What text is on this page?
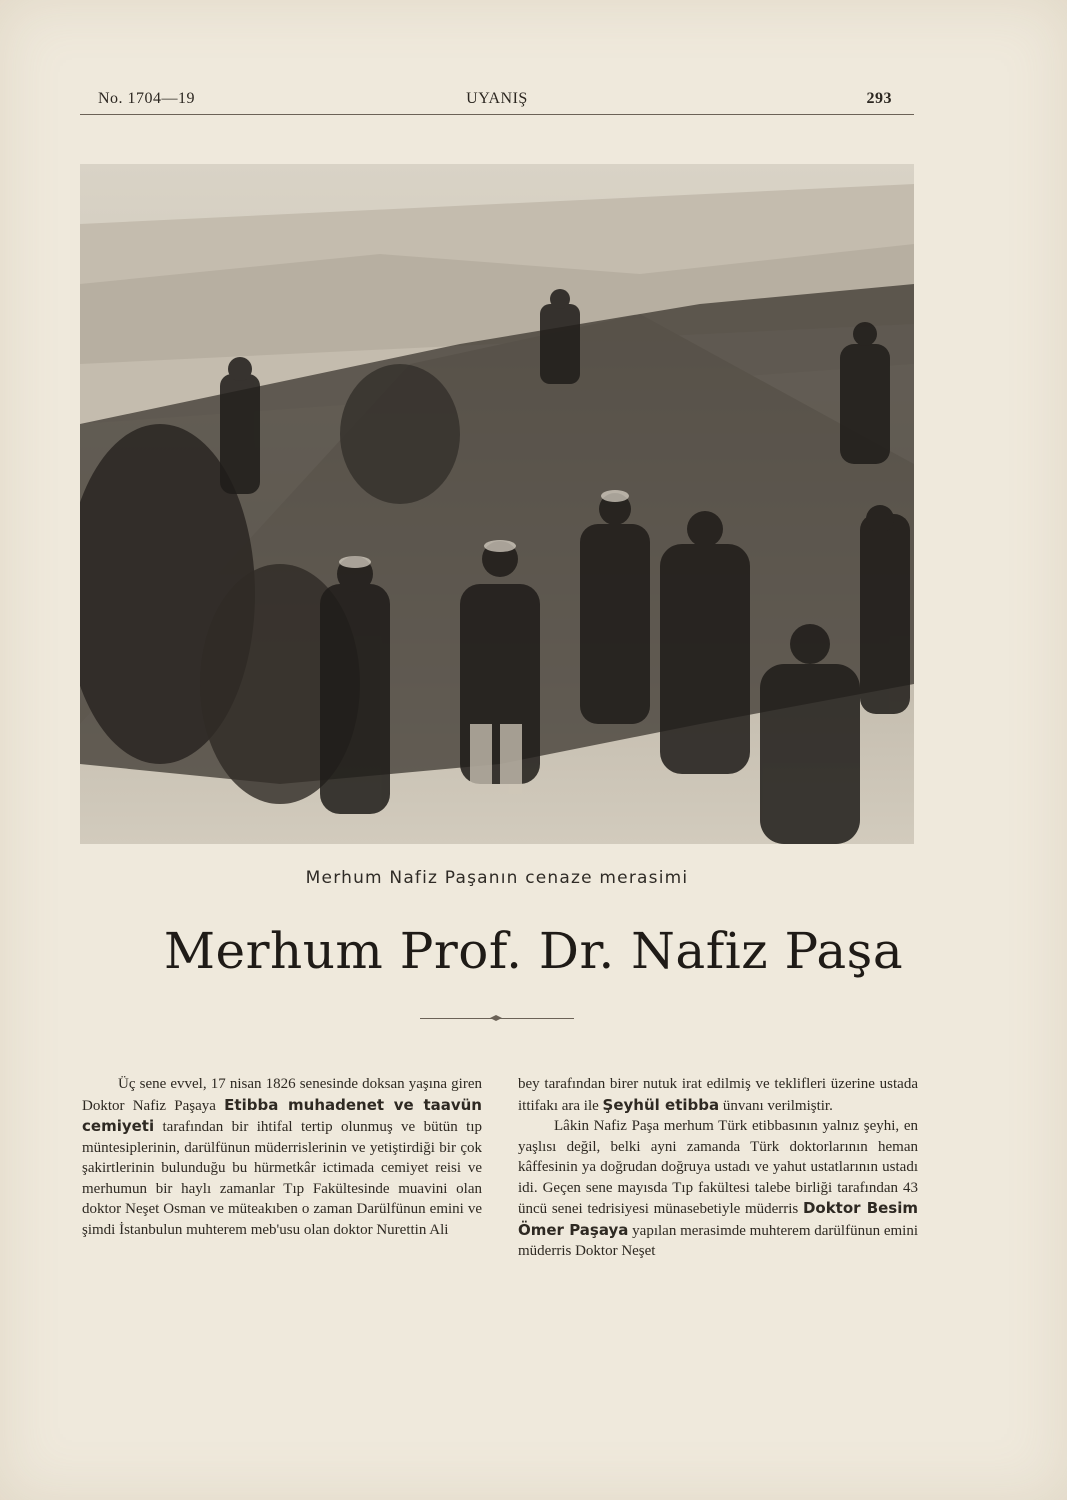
No. 1704—19	UYANIŞ	293
Merhum Nafiz Paşanın cenaze merasimi
Merhum Prof. Dr. Nafiz Paşa

Üç sene evvel, 17 nisan 1826 senesinde doksan yaşına giren Doktor Nafiz Paşaya Etibba muhadenet ve taavün cemiyeti tarafından bir ihtifal tertip olunmuş ve bütün tıp müntesiplerinin, darülfünun müderrislerinin ve yetiştirdiği bir çok şakirtlerinin bulunduğu bu hürmetkâr ictimada cemiyet reisi ve merhumun bir haylı zamanlar Tıp Fakültesinde muavini olan doktor Neşet Osman ve müteakıben o zaman Darülfünun emini ve şimdi İstanbulun muhterem meb'usu olan doktor Nurettin Ali

bey tarafından birer nutuk irat edilmiş ve teklifleri üzerine ustada ittifakı ara ile Şeyhül etibba ünvanı verilmiştir.

Lâkin Nafiz Paşa merhum Türk etibbasının yalnız şeyhi, en yaşlısı değil, belki ayni zamanda Türk doktorlarının heman kâffesinin ya doğrudan doğruya ustadı ve yahut ustatlarının ustadı idi. Geçen sene mayısda Tıp fakültesi talebe birliği tarafından 43 üncü senei tedrisiyesi münasebetiyle müderris Doktor Besim Ömer Paşaya yapılan merasimde muhterem darülfünun emini müderris Doktor Neşet
